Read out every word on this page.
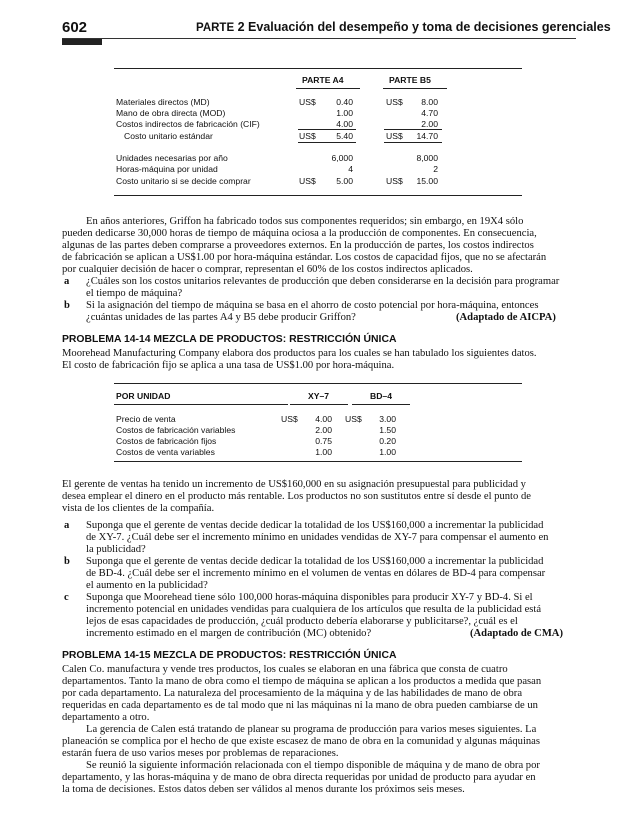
602	PARTE 2 Evaluación del desempeño y toma de decisiones gerenciales
PARTE A4	PARTE B5
Materiales directos (MD)	US$	0.40	US$	8.00
Mano de obra directa (MOD)	1.00	4.70
Costos indirectos de fabricación (CIF)	4.00	2.00
Costo unitario estándar	US$	5.40	US$	14.70
Unidades necesarias por año	6,000	8,000
Horas-máquina por unidad	4	2
Costo unitario si se decide comprar	US$	5.00	US$	15.00
En años anteriores, Griffon ha fabricado todos sus componentes requeridos; sin embargo, en 19X4 sólo
pueden dedicarse 30,000 horas de tiempo de máquina ociosa a la producción de componentes. En consecuencia,
algunas de las partes deben comprarse a proveedores externos. En la producción de partes, los costos indirectos
de fabricación se aplican a US$1.00 por hora-máquina estándar. Los costos de capacidad fijos, que no se afectarán
por cualquier decisión de hacer o comprar, representan el 60% de los costos indirectos aplicados.
a ¿Cuáles son los costos unitarios relevantes de producción que deben considerarse en la decisión para programar
el tiempo de máquina?
b Si la asignación del tiempo de máquina se basa en el ahorro de costo potencial por hora-máquina, entonces
¿cuántas unidades de las partes A4 y B5 debe producir Griffon?	(Adaptado de AICPA)
PROBLEMA 14-14 MEZCLA DE PRODUCTOS: RESTRICCIÓN ÚNICA
Moorehead Manufacturing Company elabora dos productos para los cuales se han tabulado los siguientes datos.
El costo de fabricación fijo se aplica a una tasa de US$1.00 por hora-máquina.
POR UNIDAD	XY–7	BD–4
Precio de venta	US$	4.00 US$	3.00
Costos de fabricación variables	2.00	1.50
Costos de fabricación fijos	0.75	0.20
Costos de venta variables	1.00	1.00
El gerente de ventas ha tenido un incremento de US$160,000 en su asignación presupuestal para publicidad y
desea emplear el dinero en el producto más rentable. Los productos no son sustitutos entre sí desde el punto de
vista de los clientes de la compañía.
a Suponga que el gerente de ventas decide dedicar la totalidad de los US$160,000 a incrementar la publicidad
de XY-7. ¿Cuál debe ser el incremento mínimo en unidades vendidas de XY-7 para compensar el aumento en
la publicidad?
b Suponga que el gerente de ventas decide dedicar la totalidad de los US$160,000 a incrementar la publicidad
de BD-4. ¿Cuál debe ser el incremento mínimo en el volumen de ventas en dólares de BD-4 para compensar
el aumento en la publicidad?
c Suponga que Moorehead tiene sólo 100,000 horas-máquina disponibles para producir XY-7 y BD-4. Si el
incremento potencial en unidades vendidas para cualquiera de los artículos que resulta de la publicidad está
lejos de esas capacidades de producción, ¿cuál producto debería elaborarse y publicitarse?, ¿cuál es el
incremento estimado en el margen de contribución (MC) obtenido?	(Adaptado de CMA)
PROBLEMA 14-15 MEZCLA DE PRODUCTOS: RESTRICCIÓN ÚNICA
Calen Co. manufactura y vende tres productos, los cuales se elaboran en una fábrica que consta de cuatro
departamentos. Tanto la mano de obra como el tiempo de máquina se aplican a los productos a medida que pasan
por cada departamento. La naturaleza del procesamiento de la máquina y de las habilidades de mano de obra
requeridas en cada departamento es de tal modo que ni las máquinas ni la mano de obra pueden cambiarse de un
departamento a otro.
La gerencia de Calen está tratando de planear su programa de producción para varios meses siguientes. La
planeación se complica por el hecho de que existe escasez de mano de obra en la comunidad y algunas máquinas
estarán fuera de uso varios meses por problemas de reparaciones.
Se reunió la siguiente información relacionada con el tiempo disponible de máquina y de mano de obra por
departamento, y las horas-máquina y de mano de obra directa requeridas por unidad de producto para ayudar en
la toma de decisiones. Estos datos deben ser válidos al menos durante los próximos seis meses.
